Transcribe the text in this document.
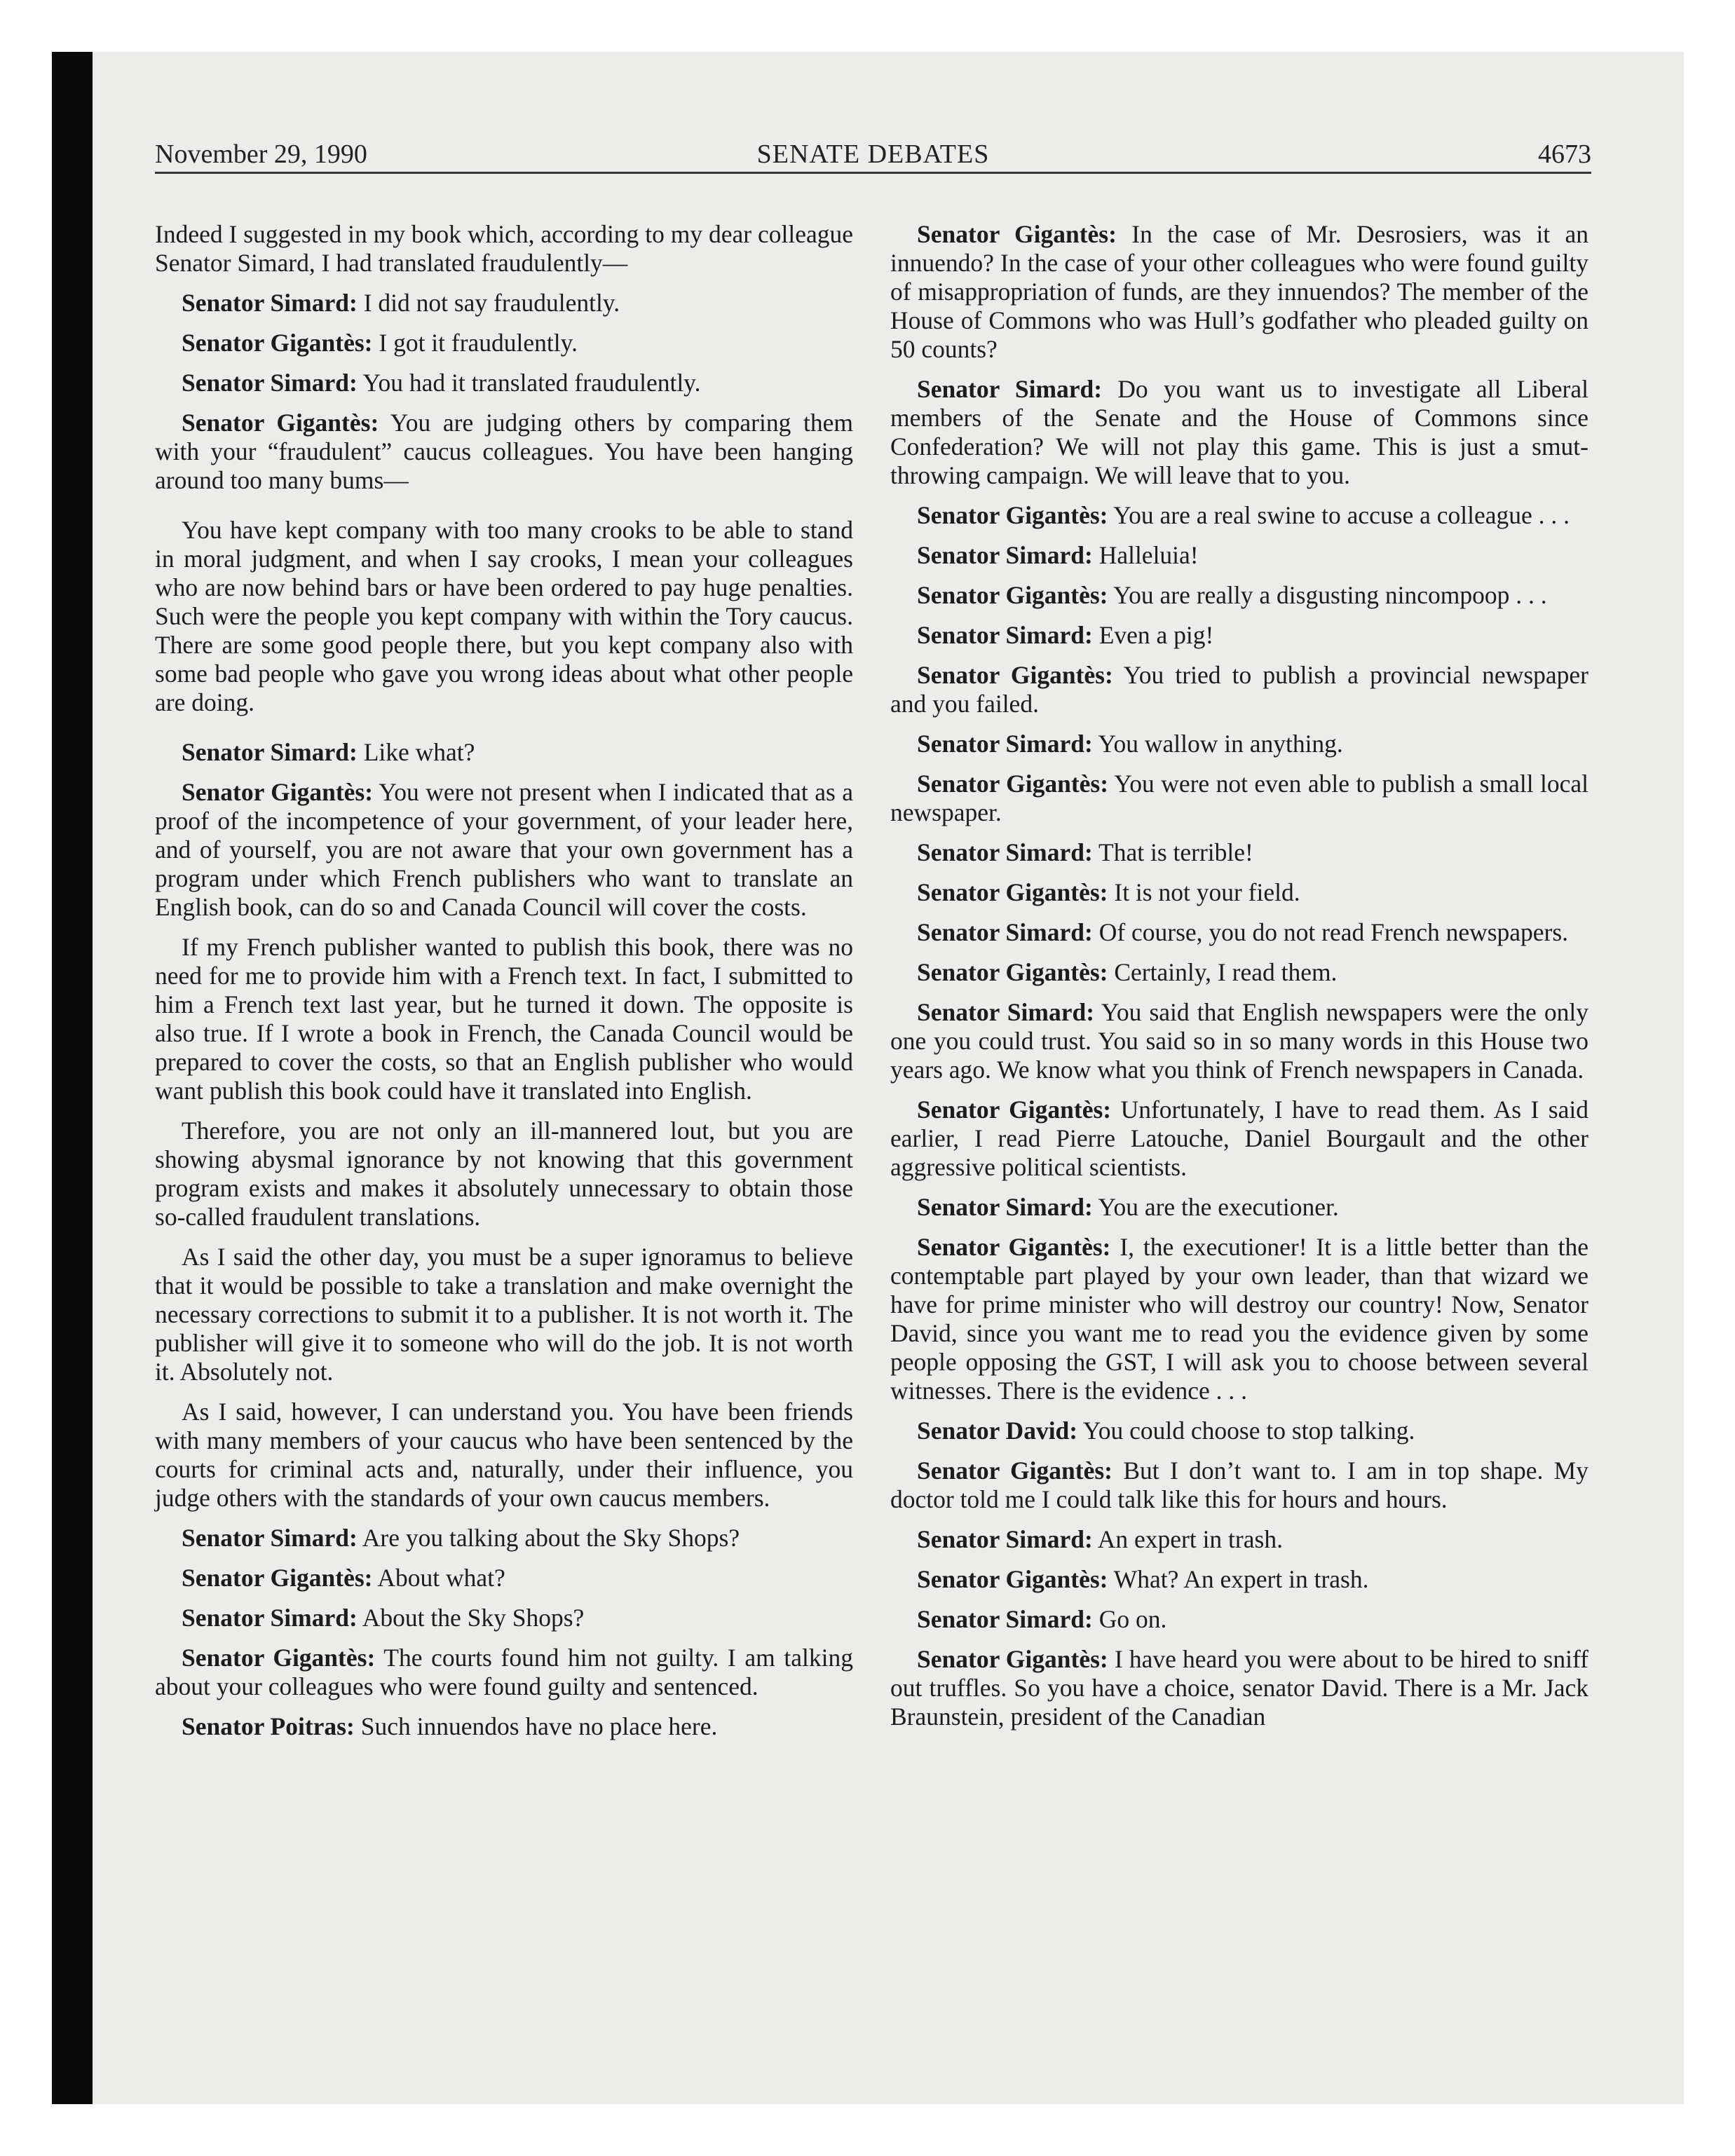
November 29, 1990	SENATE DEBATES	4673

Indeed I suggested in my book which, according to my dear colleague Senator Simard, I had translated fraudulently—

Senator Simard: I did not say fraudulently.

Senator Gigantès: I got it fraudulently.

Senator Simard: You had it translated fraudulently.

Senator Gigantès: You are judging others by comparing them with your “fraudulent” caucus colleagues. You have been hanging around too many bums—

You have kept company with too many crooks to be able to stand in moral judgment, and when I say crooks, I mean your colleagues who are now behind bars or have been ordered to pay huge penalties. Such were the people you kept company with within the Tory caucus. There are some good people there, but you kept company also with some bad people who gave you wrong ideas about what other people are doing.

Senator Simard: Like what?

Senator Gigantès: You were not present when I indicated that as a proof of the incompetence of your government, of your leader here, and of yourself, you are not aware that your own government has a program under which French publishers who want to translate an English book, can do so and Canada Council will cover the costs.

If my French publisher wanted to publish this book, there was no need for me to provide him with a French text. In fact, I submitted to him a French text last year, but he turned it down. The opposite is also true. If I wrote a book in French, the Canada Council would be prepared to cover the costs, so that an English publisher who would want publish this book could have it translated into English.

Therefore, you are not only an ill-mannered lout, but you are showing abysmal ignorance by not knowing that this government program exists and makes it absolutely unnecessary to obtain those so-called fraudulent translations.

As I said the other day, you must be a super ignoramus to believe that it would be possible to take a translation and make overnight the necessary corrections to submit it to a publisher. It is not worth it. The publisher will give it to someone who will do the job. It is not worth it. Absolutely not.

As I said, however, I can understand you. You have been friends with many members of your caucus who have been sentenced by the courts for criminal acts and, naturally, under their influence, you judge others with the standards of your own caucus members.

Senator Simard: Are you talking about the Sky Shops?

Senator Gigantès: About what?

Senator Simard: About the Sky Shops?

Senator Gigantès: The courts found him not guilty. I am talking about your colleagues who were found guilty and sentenced.

Senator Poitras: Such innuendos have no place here.

Senator Gigantès: In the case of Mr. Desrosiers, was it an innuendo? In the case of your other colleagues who were found guilty of misappropriation of funds, are they innuendos? The member of the House of Commons who was Hull’s godfather who pleaded guilty on 50 counts?

Senator Simard: Do you want us to investigate all Liberal members of the Senate and the House of Commons since Confederation? We will not play this game. This is just a smut-throwing campaign. We will leave that to you.

Senator Gigantès: You are a real swine to accuse a colleague . . .

Senator Simard: Halleluia!

Senator Gigantès: You are really a disgusting nincompoop . . .

Senator Simard: Even a pig!

Senator Gigantès: You tried to publish a provincial newspaper and you failed.

Senator Simard: You wallow in anything.

Senator Gigantès: You were not even able to publish a small local newspaper.

Senator Simard: That is terrible!

Senator Gigantès: It is not your field.

Senator Simard: Of course, you do not read French newspapers.

Senator Gigantès: Certainly, I read them.

Senator Simard: You said that English newspapers were the only one you could trust. You said so in so many words in this House two years ago. We know what you think of French newspapers in Canada.

Senator Gigantès: Unfortunately, I have to read them. As I said earlier, I read Pierre Latouche, Daniel Bourgault and the other aggressive political scientists.

Senator Simard: You are the executioner.

Senator Gigantès: I, the executioner! It is a little better than the contemptable part played by your own leader, than that wizard we have for prime minister who will destroy our country! Now, Senator David, since you want me to read you the evidence given by some people opposing the GST, I will ask you to choose between several witnesses. There is the evidence . . .

Senator David: You could choose to stop talking.

Senator Gigantès: But I don’t want to. I am in top shape. My doctor told me I could talk like this for hours and hours.

Senator Simard: An expert in trash.

Senator Gigantès: What? An expert in trash.

Senator Simard: Go on.

Senator Gigantès: I have heard you were about to be hired to sniff out truffles. So you have a choice, senator David. There is a Mr. Jack Braunstein, president of the Canadian
